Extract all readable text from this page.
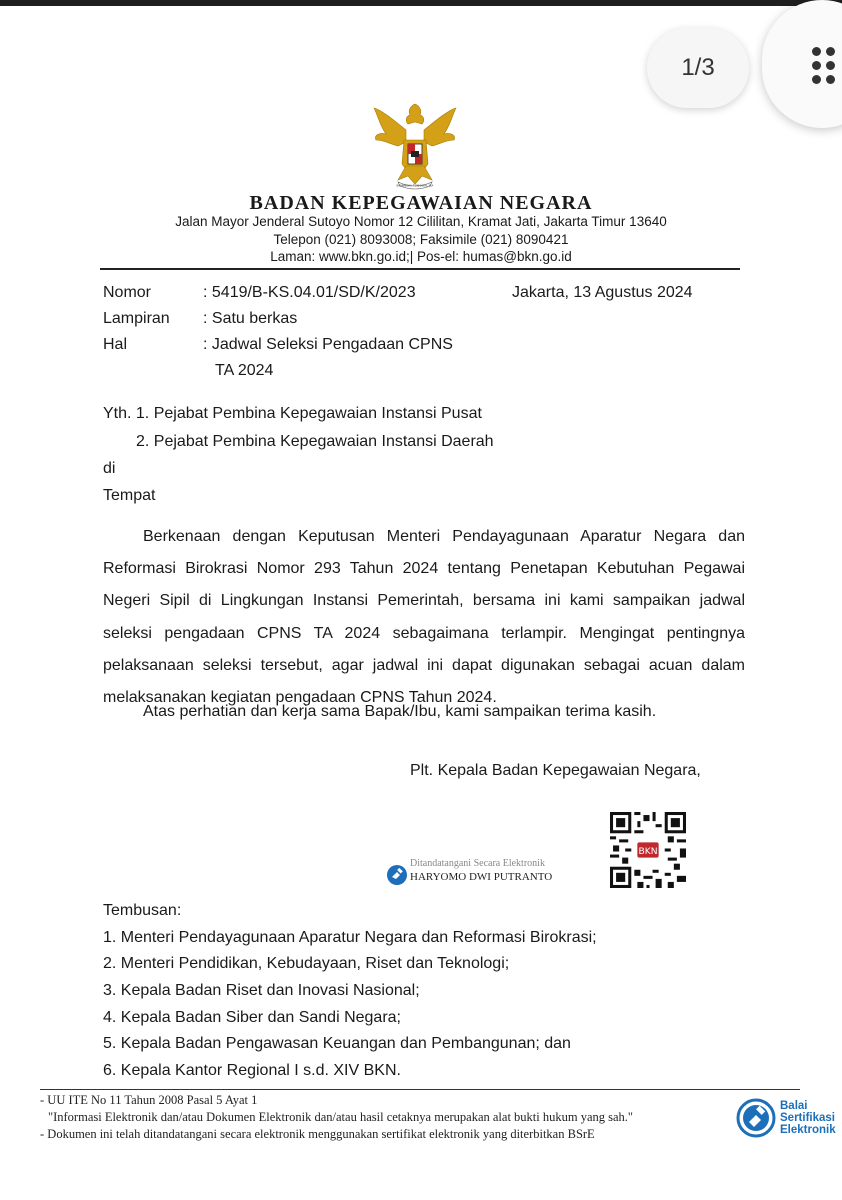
1/3
BHINNEKA TUNGGAL IKA
BADAN KEPEGAWAIAN NEGARA
Jalan Mayor Jenderal Sutoyo Nomor 12 Cililitan, Kramat Jati, Jakarta Timur 13640
Telepon (021) 8093008; Faksimile (021) 8090421
Laman: www.bkn.go.id;| Pos-el: humas@bkn.go.id
Nomor	: 5419/B-KS.04.01/SD/K/2023	Jakarta, 13 Agustus 2024
Lampiran : Satu berkas
Hal	: Jadwal Seleksi Pengadaan CPNS
TA 2024
Yth. 1. Pejabat Pembina Kepegawaian Instansi Pusat
2. Pejabat Pembina Kepegawaian Instansi Daerah
di
Tempat
Berkenaan dengan Keputusan Menteri Pendayagunaan Aparatur Negara dan
Reformasi Birokrasi Nomor 293 Tahun 2024 tentang Penetapan Kebutuhan Pegawai
Negeri Sipil di Lingkungan Instansi Pemerintah, bersama ini kami sampaikan jadwal
seleksi pengadaan CPNS TA 2024 sebagaimana terlampir. Mengingat pentingnya
pelaksanaan seleksi tersebut, agar jadwal ini dapat digunakan sebagai acuan dalam
melaksanakan kegiatan pengadaan CPNS Tahun 2024.
Atas perhatian dan kerja sama Bapak/Ibu, kami sampaikan terima kasih.
Plt. Kepala Badan Kepegawaian Negara,
BKN
Ditandatangani Secara Elektronik
HARYOMO DWI PUTRANTO
Tembusan:
1. Menteri Pendayagunaan Aparatur Negara dan Reformasi Birokrasi;
2. Menteri Pendidikan, Kebudayaan, Riset dan Teknologi;
3. Kepala Badan Riset dan Inovasi Nasional;
4. Kepala Badan Siber dan Sandi Negara;
5. Kepala Badan Pengawasan Keuangan dan Pembangunan; dan
6. Kepala Kantor Regional I s.d. XIV BKN.
- UU ITE No 11 Tahun 2008 Pasal 5 Ayat 1
"Informasi Elektronik dan/atau Dokumen Elektronik dan/atau hasil cetaknya merupakan alat bukti hukum yang sah."
- Dokumen ini telah ditandatangani secara elektronik menggunakan sertifikat elektronik yang diterbitkan BSrE
Balai
Sertifikasi
Elektronik
